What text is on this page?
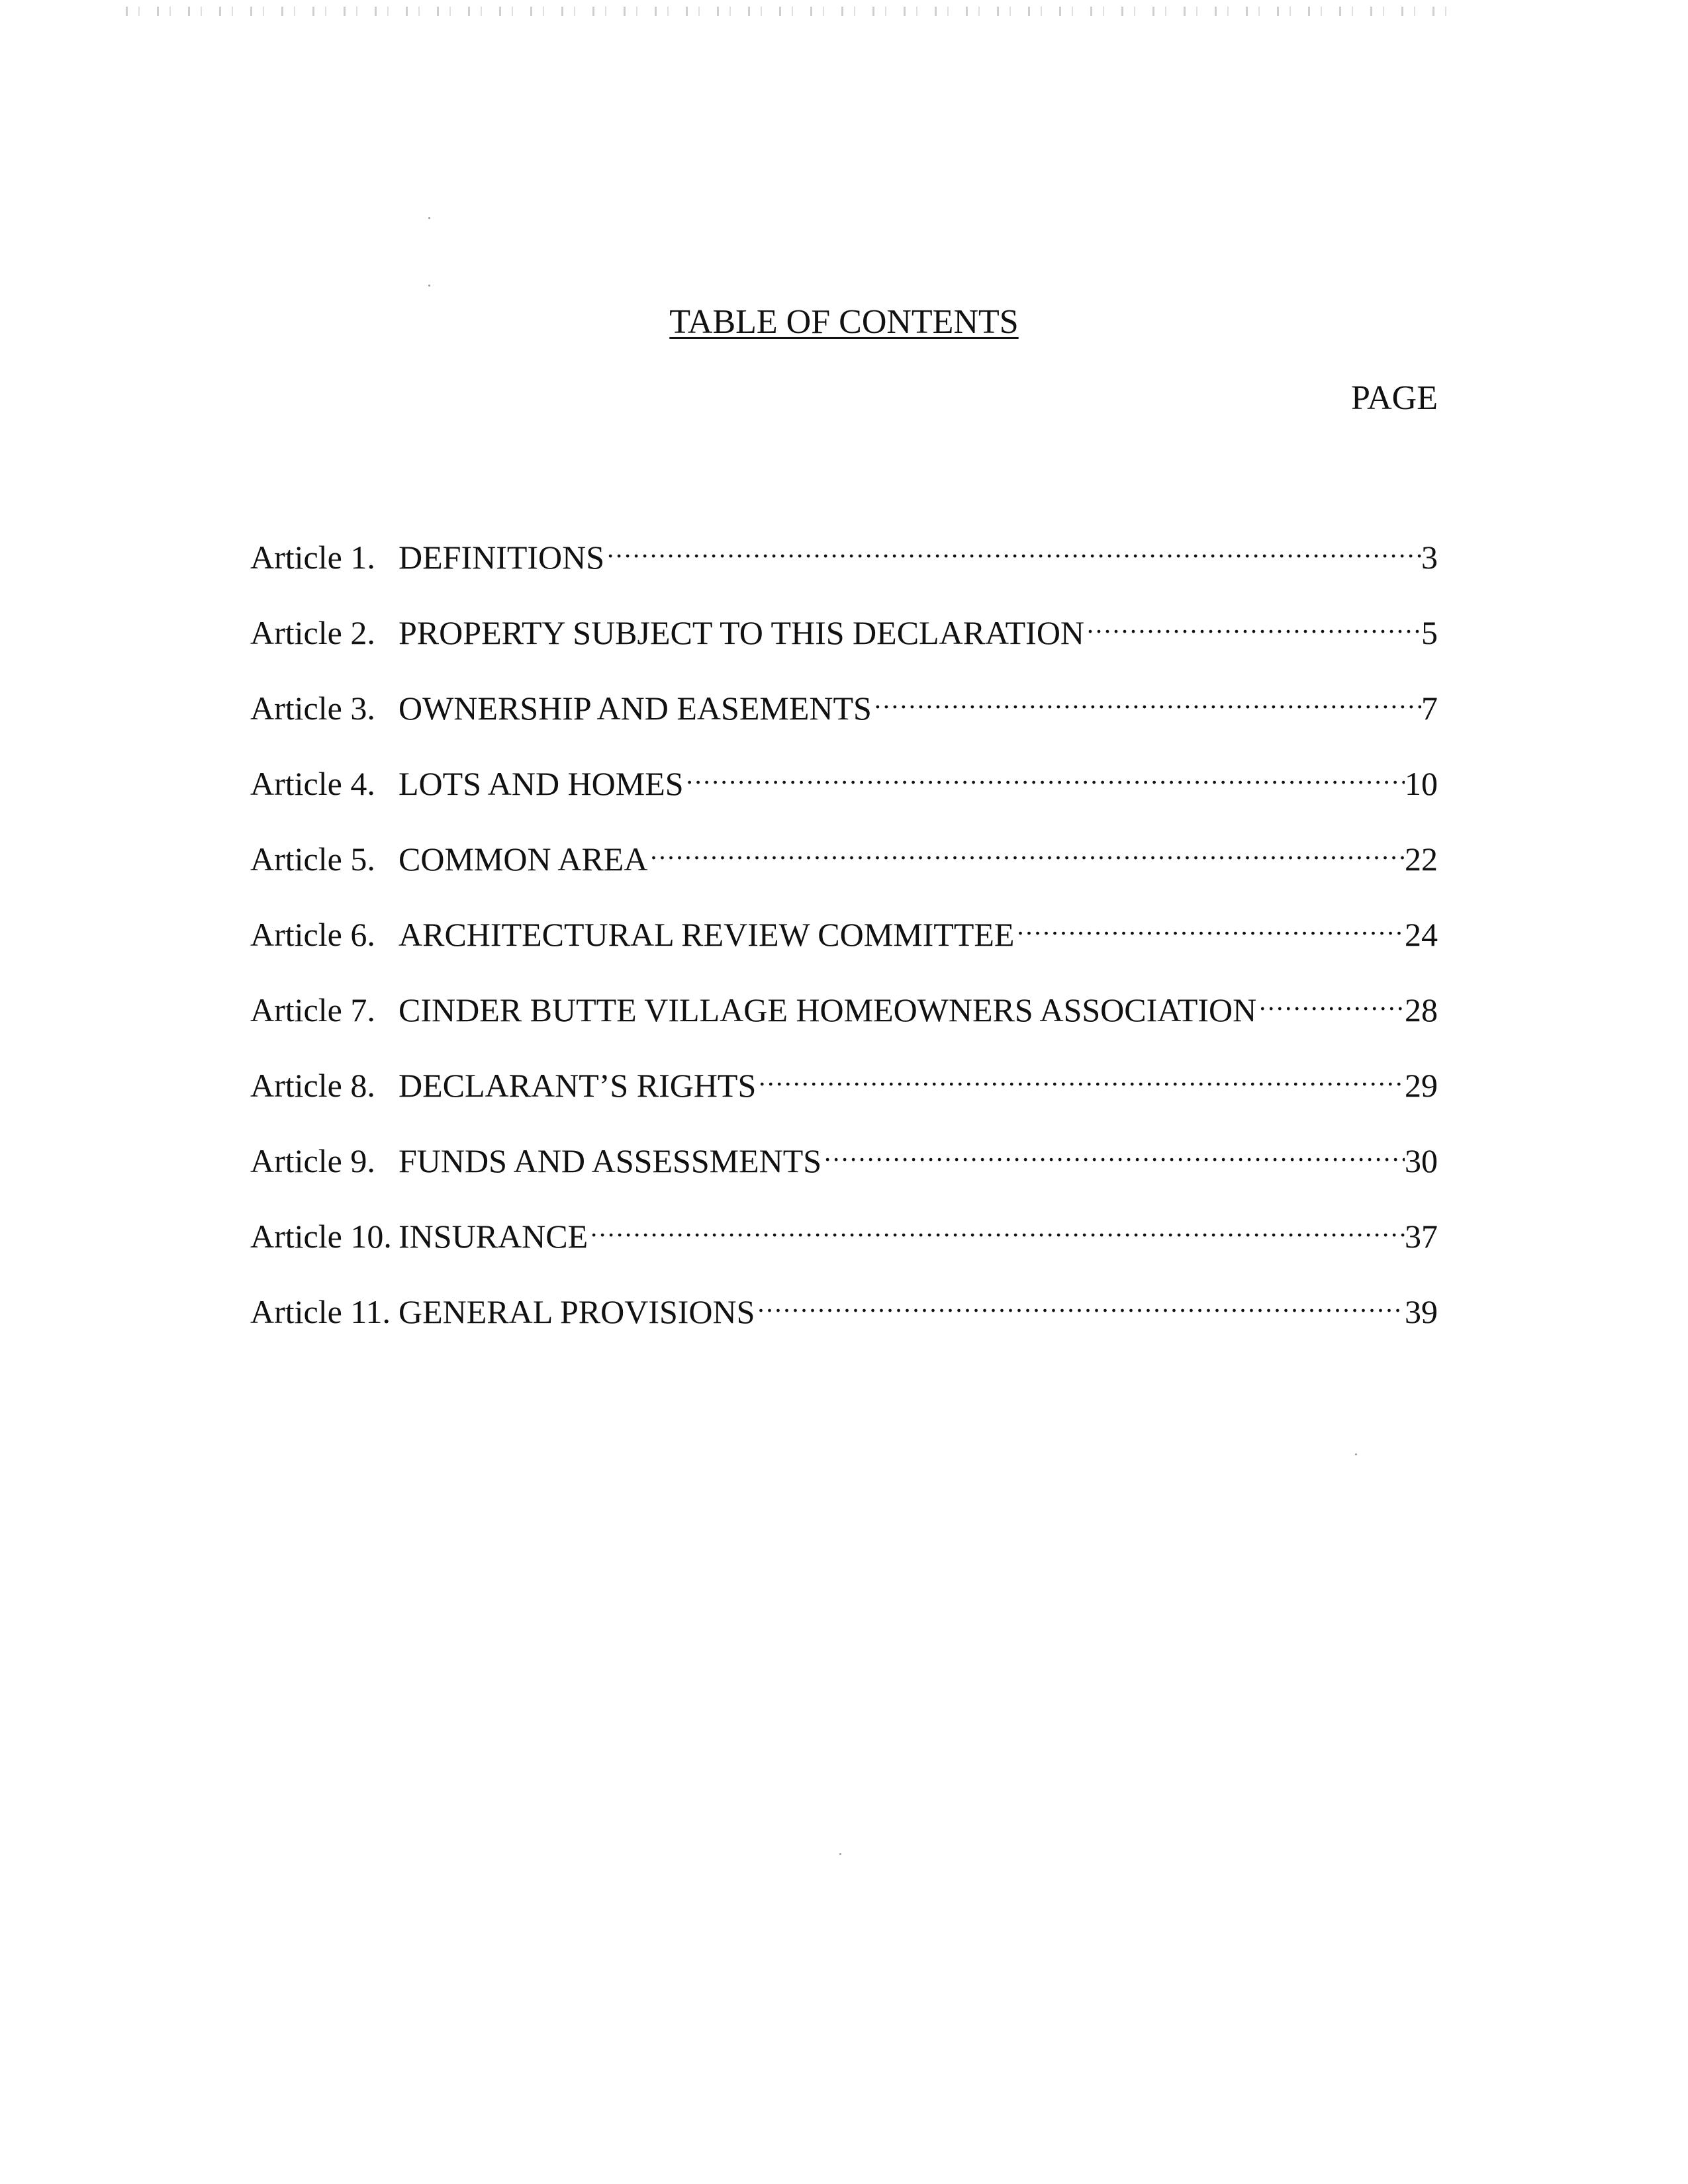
TABLE OF CONTENTS
PAGE
Article 1. DEFINITIONS .....	3
Article 2. PROPERTY SUBJECT TO THIS DECLARATION .....	5
Article 3. OWNERSHIP AND EASEMENTS .....	7
Article 4. LOTS AND HOMES .....	10
Article 5. COMMON AREA .....	22
Article 6. ARCHITECTURAL REVIEW COMMITTEE .....	24
Article 7. CINDER BUTTE VILLAGE HOMEOWNERS ASSOCIATION .....	28
Article 8. DECLARANT’S RIGHTS .....	29
Article 9. FUNDS AND ASSESSMENTS .....	30
Article 10. INSURANCE .....	37
Article 11. GENERAL PROVISIONS .....	39
